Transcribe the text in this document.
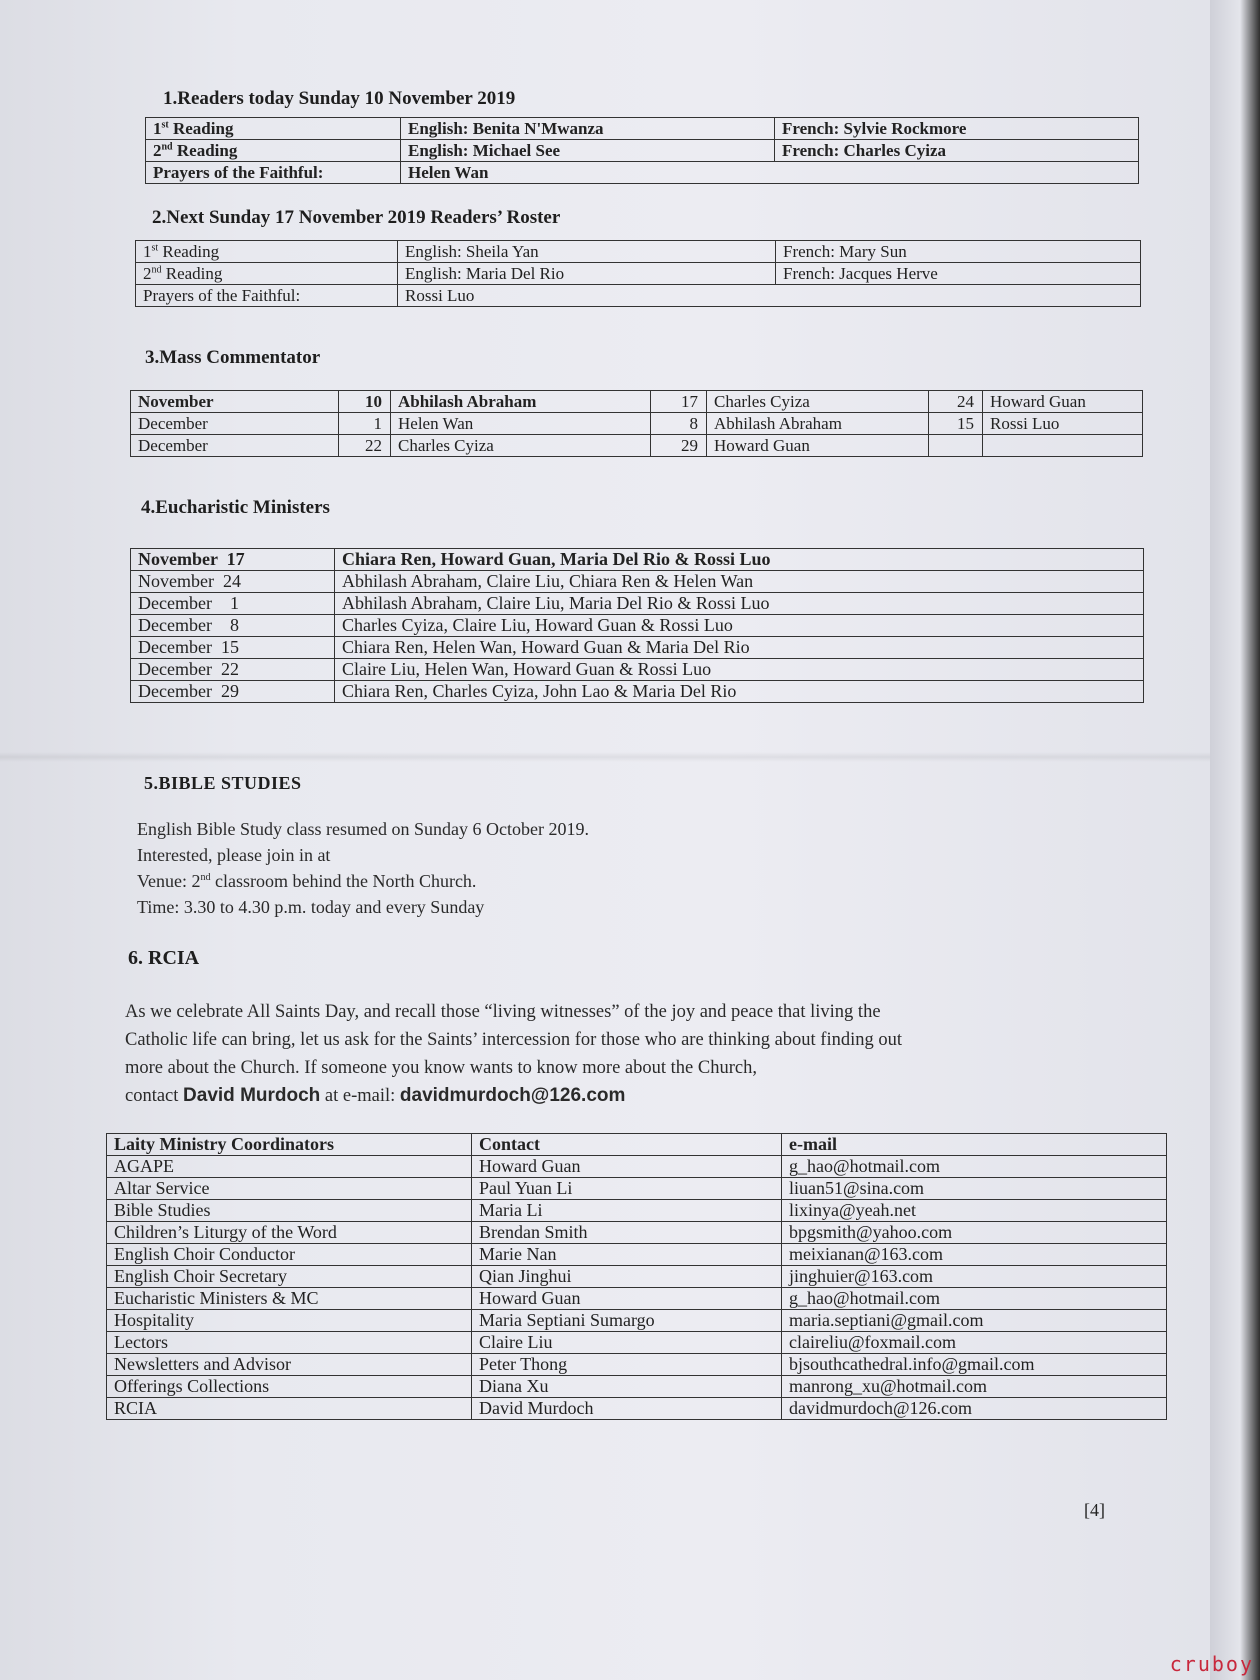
1.Readers today Sunday 10 November 2019
1st Reading	English: Benita N'Mwanza	French: Sylvie Rockmore
2nd Reading	English: Michael See	French: Charles Cyiza
Prayers of the Faithful:	Helen Wan	
2.Next Sunday 17 November 2019 Readers’ Roster
1st Reading	English: Sheila Yan	French: Mary Sun
2nd Reading	English: Maria Del Rio	French: Jacques Herve
Prayers of the Faithful:	Rossi Luo	
3.Mass Commentator
November	10	Abhilash Abraham	17	Charles Cyiza	24	Howard Guan
December	1	Helen Wan	8	Abhilash Abraham	15	Rossi Luo
December	22	Charles Cyiza	29	Howard Guan		
4.Eucharistic Ministers
November  17	Chiara Ren, Howard Guan, Maria Del Rio & Rossi Luo
November  24	Abhilash Abraham, Claire Liu, Chiara Ren & Helen Wan
December    1	Abhilash Abraham, Claire Liu, Maria Del Rio & Rossi Luo
December    8	Charles Cyiza, Claire Liu, Howard Guan & Rossi Luo
December  15	Chiara Ren, Helen Wan, Howard Guan & Maria Del Rio
December  22	Claire Liu, Helen Wan, Howard Guan & Rossi Luo
December  29	Chiara Ren, Charles Cyiza, John Lao & Maria Del Rio
5.BIBLE STUDIES

English Bible Study class resumed on Sunday 6 October 2019.

Interested, please join in at

Venue: 2nd classroom behind the North Church.

Time: 3.30 to 4.30 p.m. today and every Sunday

6. RCIA

As we celebrate All Saints Day, and recall those “living witnesses” of the joy and peace that living the

Catholic life can bring, let us ask for the Saints’ intercession for those who are thinking about finding out

more about the Church. If someone you know wants to know more about the Church,

contact David Murdoch at e-mail: davidmurdoch@126.com

Laity Ministry Coordinators	Contact	e-mail
AGAPE	Howard Guan	g_hao@hotmail.com
Altar Service	Paul Yuan Li	liuan51@sina.com
Bible Studies	Maria Li	lixinya@yeah.net
Children’s Liturgy of the Word	Brendan Smith	bpgsmith@yahoo.com
English Choir Conductor	Marie Nan	meixianan@163.com
English Choir Secretary	Qian Jinghui	jinghuier@163.com
Eucharistic Ministers & MC	Howard Guan	g_hao@hotmail.com
Hospitality	Maria Septiani Sumargo	maria.septiani@gmail.com
Lectors	Claire Liu	claireliu@foxmail.com
Newsletters and Advisor	Peter Thong	bjsouthcathedral.info@gmail.com
Offerings Collections	Diana Xu	manrong_xu@hotmail.com
RCIA	David Murdoch	davidmurdoch@126.com
[4]
cruboy
